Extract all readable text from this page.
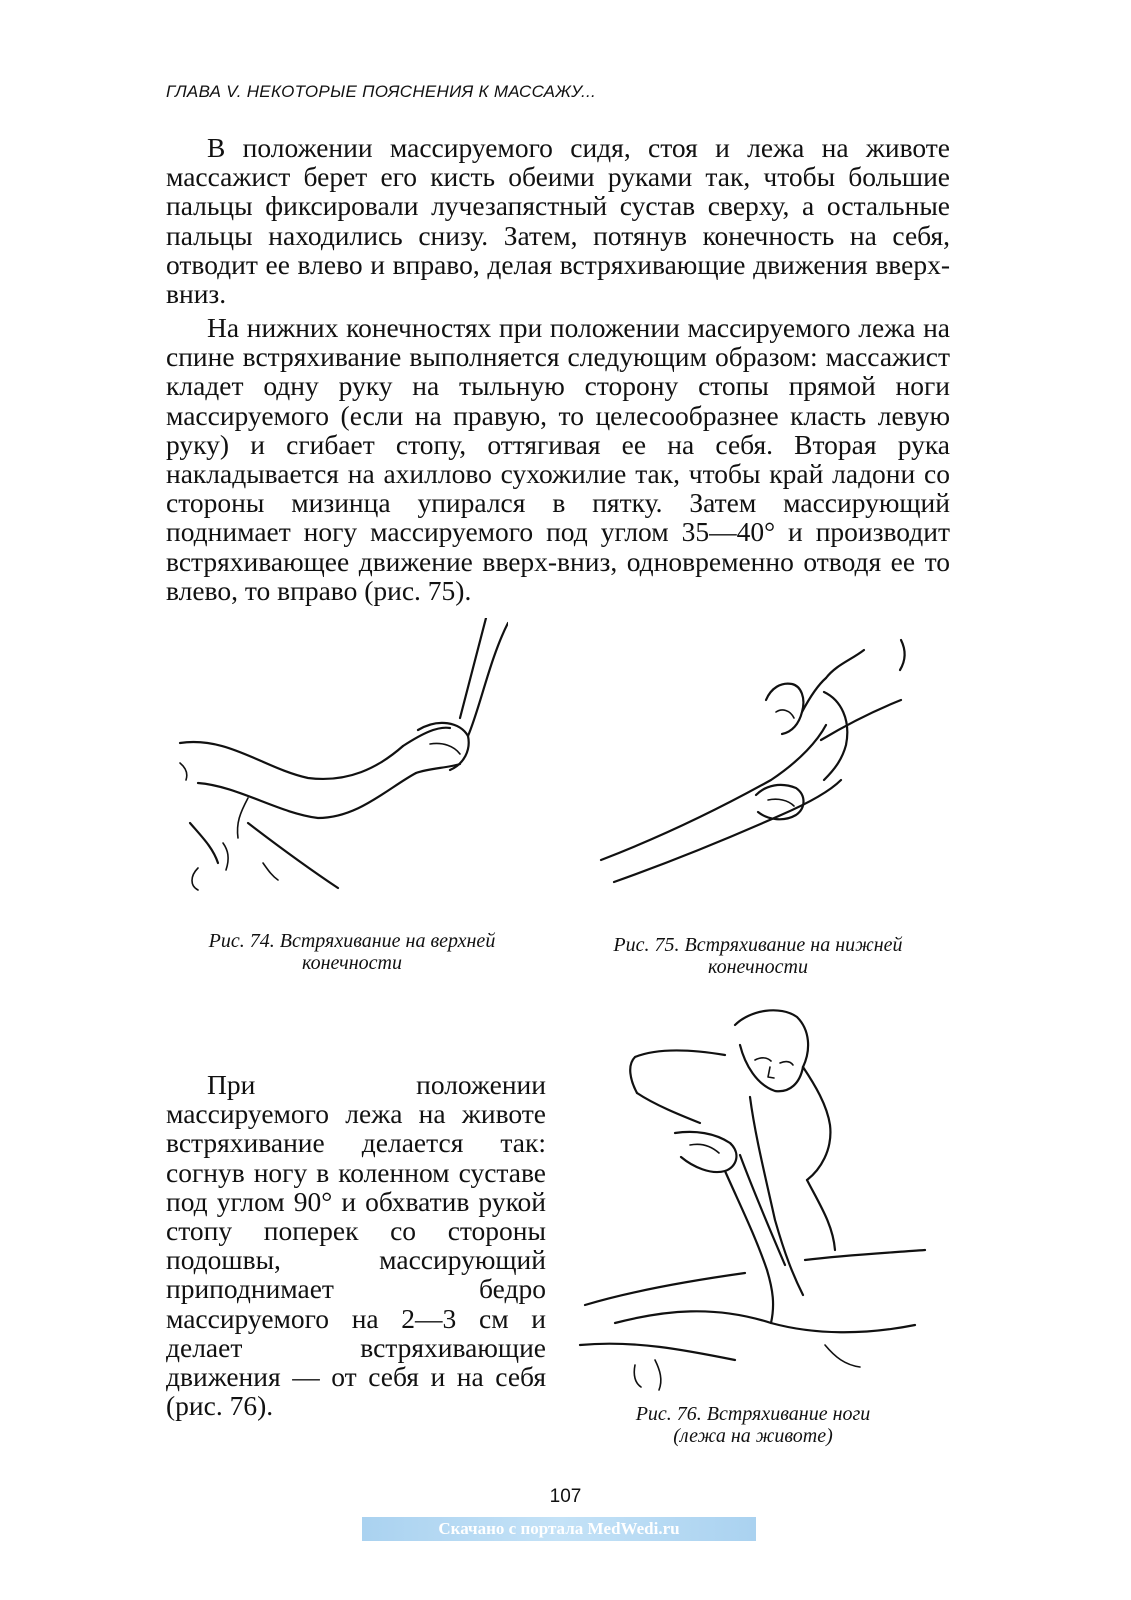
ГЛАВА V. НЕКОТОРЫЕ ПОЯСНЕНИЯ К МАССАЖУ...

В положении массируемого сидя, стоя и лежа на животе массажист берет его кисть обеими руками так, чтобы большие пальцы фиксировали лучезапястный сустав сверху, а остальные пальцы находились снизу. Затем, потянув конечность на себя, отводит ее влево и вправо, делая встряхивающие движения вверх-вниз.

На нижних конечностях при положении массируемого лежа на спине встряхивание выполняется следующим образом: массажист кладет одну руку на тыльную сторону стопы прямой ноги массируемого (если на правую, то целесообразнее класть левую руку) и сгибает стопу, оттягивая ее на себя. Вторая рука накладывается на ахиллово сухожилие так, чтобы край ладони со стороны мизинца упирался в пятку. Затем массирующий поднимает ногу массируемого под углом 35—40° и производит встряхивающее движение вверх-вниз, одновременно отводя ее то влево, то вправо (рис. 75).

Рис. 74. Встряхивание на верхней
конечности
Рис. 75. Встряхивание на нижней
конечности

При положении массируемого лежа на животе встряхивание делается так: согнув ногу в коленном суставе под углом 90° и обхватив рукой стопу поперек со стороны подошвы, массирующий приподнимает бедро массируемого на 2—3 см и делает встряхивающие движения — от себя и на себя (рис. 76).	Рис. 76. Встряхивание ноги
(лежа на животе)
107
Скачано с портала MedWedi.ru
